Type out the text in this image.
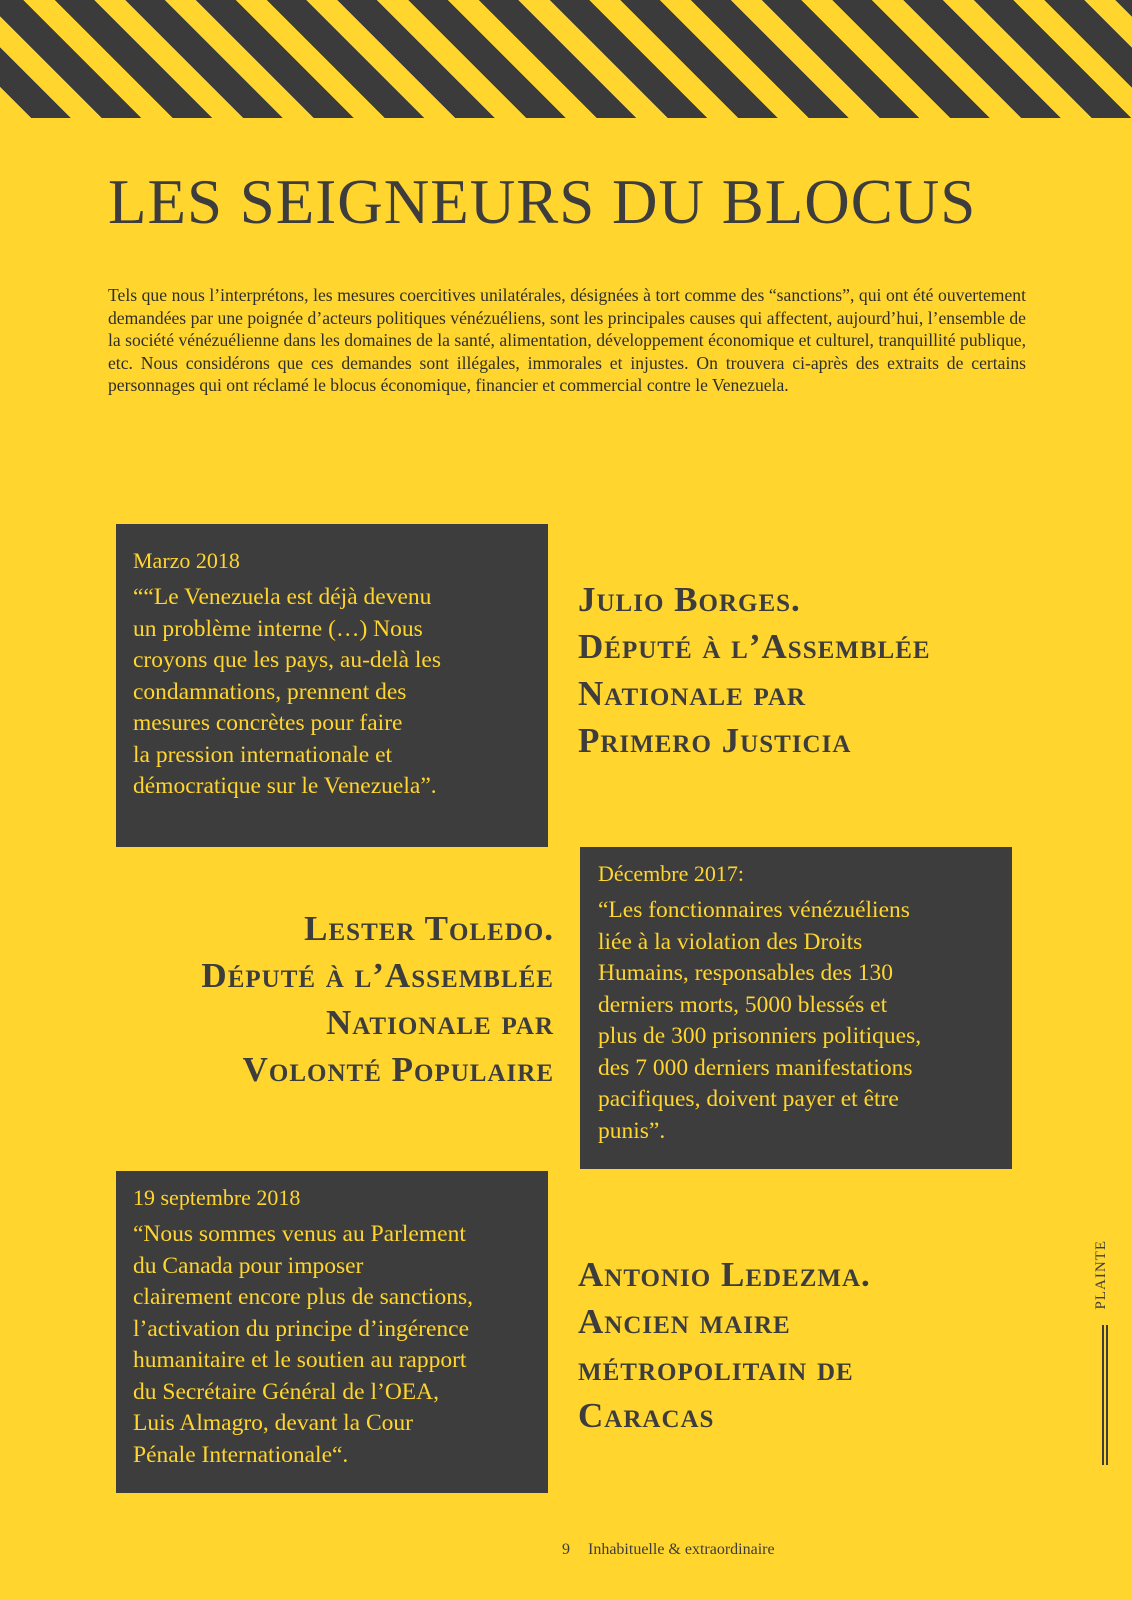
LES SEIGNEURS DU BLOCUS

Tels que nous l’interprétons, les mesures coercitives unilatérales, désignées à tort comme des “sanctions”, qui ont été ouvertement demandées par une poignée d’acteurs politiques vénézuéliens, sont les principales causes qui affectent, aujourd’hui, l’ensemble de la société vénézuélienne dans les domaines de la santé, alimentation, développement économique et culturel, tranquillité publique, etc. Nous considérons que ces demandes sont illégales, immorales et injustes. On trouvera ci-après des extraits de certains personnages qui ont réclamé le blocus économique, financier et commercial contre le Venezuela.

Marzo 2018

““Le Venezuela est déjà devenu
un problème interne (…) Nous
croyons que les pays, au-delà les
condamnations, prennent des
mesures concrètes pour faire
la pression internationale et
démocratique sur le Venezuela”.

Julio Borges.
Député à l’Assemblée
Nationale par
Primero Justicia

Décembre 2017:

“Les fonctionnaires vénézuéliens
liée à la violation des Droits
Humains, responsables des 130
derniers morts, 5000 blessés et
plus de 300 prisonniers politiques,
des 7 000 derniers manifestations
pacifiques, doivent payer et être
punis”.

Lester Toledo.
Député à l’Assemblée
Nationale par
Volonté Populaire

19 septembre 2018

“Nous sommes venus au Parlement
du Canada pour imposer
clairement encore plus de sanctions,
l’activation du principe d’ingérence
humanitaire et le soutien au rapport
du Secrétaire Général de l’OEA,
Luis Almagro, devant la Cour
Pénale Internationale“.

Antonio Ledezma.
Ancien maire
métropolitain de
Caracas

PLAINTE
9 Inhabituelle & extraordinaire
